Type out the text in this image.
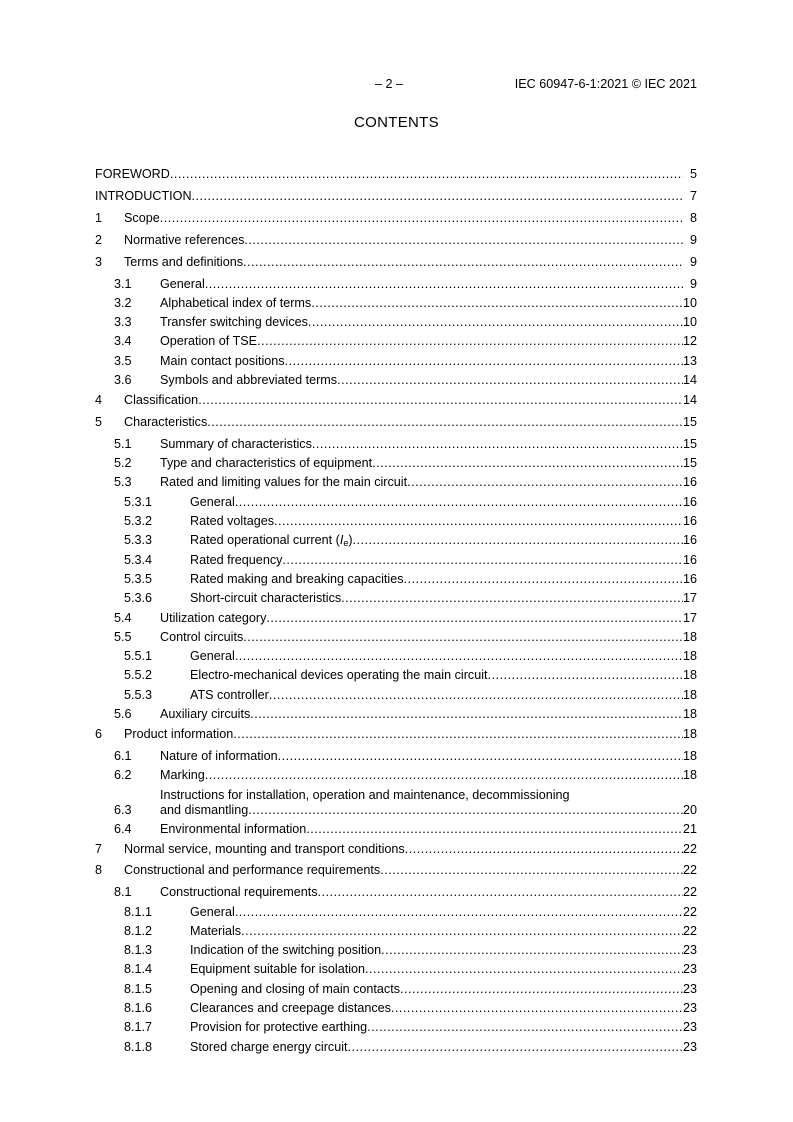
– 2 –	IEC 60947-6-1:2021 © IEC 2021
CONTENTS
FOREWORD .....	5
INTRODUCTION .....	7
1 Scope .....	8
2 Normative references .....	9
3 Terms and definitions .....	9
3.1 General .....	9
3.2 Alphabetical index of terms .....	10
3.3 Transfer switching devices .....	10
3.4 Operation of TSE .....	12
3.5 Main contact positions .....	13
3.6 Symbols and abbreviated terms .....	14
4 Classification .....	14
5 Characteristics .....	15
5.1 Summary of characteristics .....	15
5.2 Type and characteristics of equipment .....	15
5.3 Rated and limiting values for the main circuit .....	16
5.3.1	General .....	16
5.3.2	Rated voltages .....	16
5.3.3	Rated operational current $(I_e)$ .....	16
5.3.4	Rated frequency .....	16
5.3.5	Rated making and breaking capacities .....	16
5.3.6	Short-circuit characteristics .....	17
5.4 Utilization category .....	17
5.5 Control circuits .....	18
5.5.1	General .....	18
5.5.2	Electro-mechanical devices operating the main circuit .....	18
5.5.3	ATS controller .....	18
5.6 Auxiliary circuits .....	18
6 Product information .....	18
6.1 Nature of information .....	18
6.2 Marking .....	18
6.3
Instructions for installation, operation and maintenance, decommissioning
and dismantling .....	20
6.4 Environmental information .....	21
7 Normal service, mounting and transport conditions .....	22
8 Constructional and performance requirements .....	22
8.1 Constructional requirements .....	22
8.1.1	General .....	22
8.1.2	Materials .....	22
8.1.3	Indication of the switching position .....	23
8.1.4	Equipment suitable for isolation .....	23
8.1.5	Opening and closing of main contacts .....	23
8.1.6	Clearances and creepage distances .....	23
8.1.7	Provision for protective earthing .....	23
8.1.8	Stored charge energy circuit .....	23
